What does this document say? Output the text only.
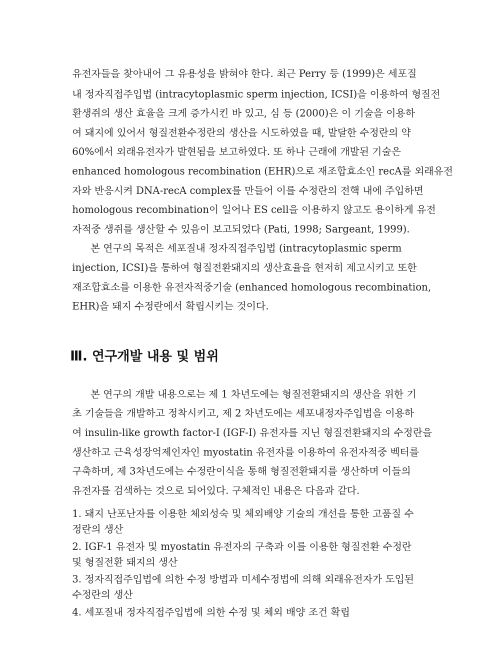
유전자들을 찾아내어 그 유용성을 밝혀야 한다. 최근 Perry 등 (1999)은 세포질
내 정자직접주입법 (intracytoplasmic sperm injection, ICSI)을 이용하여 형질전
환생쥐의 생산 효율을 크게 증가시킨 바 있고, 심 등 (2000)은 이 기술을 이용하
여 돼지에 있어서 형질전환수정란의 생산을 시도하였을 때, 발달한 수정란의 약
60%에서 외래유전자가 발현됨을 보고하였다. 또 하나 근래에 개발된 기술은
enhanced homologous recombination (EHR)으로 재조합효소인 recA를 외래유전
자와 반응시켜 DNA-recA complex를 만들어 이를 수정란의 전핵 내에 주입하면
homologous recombination이 일어나 ES cell을 이용하지 않고도 용이하게 유전
자적중 생쥐를 생산할 수 있음이 보고되었다 (Pati, 1998; Sargeant, 1999).
본 연구의 목적은 세포질내 정자직접주입법 (intracytoplasmic sperm
injection, ICSI)을 통하여 형질전환돼지의 생산효율을 현저히 제고시키고 또한
재조합효소를 이용한 유전자적중기술 (enhanced homologous recombination,
EHR)을 돼지 수정란에서 확립시키는 것이다.
Ⅲ. 연구개발 내용 및 범위
본 연구의 개발 내용으로는 제 1 차년도에는 형질전환돼지의 생산을 위한 기
초 기술들을 개발하고 정착시키고, 제 2 차년도에는 세포내정자주입법을 이용하
여 insulin-like growth factor-I (IGF-I) 유전자를 지닌 형질전환돼지의 수정란을
생산하고 근육성장억제인자인 myostatin 유전자를 이용하여 유전자적중 벡터를
구축하며, 제 3차년도에는 수정란이식을 통해 형질전환돼지를 생산하며 이들의
유전자를 검색하는 것으로 되어있다. 구체적인 내용은 다음과 같다.
1. 돼지 난포난자를 이용한 체외성숙 및 체외배양 기술의 개선을 통한 고품질 수
정란의 생산
2. IGF-1 유전자 및 myostatin 유전자의 구축과 이를 이용한 형질전환 수정란
및 형질전환 돼지의 생산
3. 정자직접주입법에 의한 수정 방법과 미세수정법에 의해 외래유전자가 도입된
수정란의 생산
4. 세포질내 정자직접주입법에 의한 수정 및 체외 배양 조건 확립
